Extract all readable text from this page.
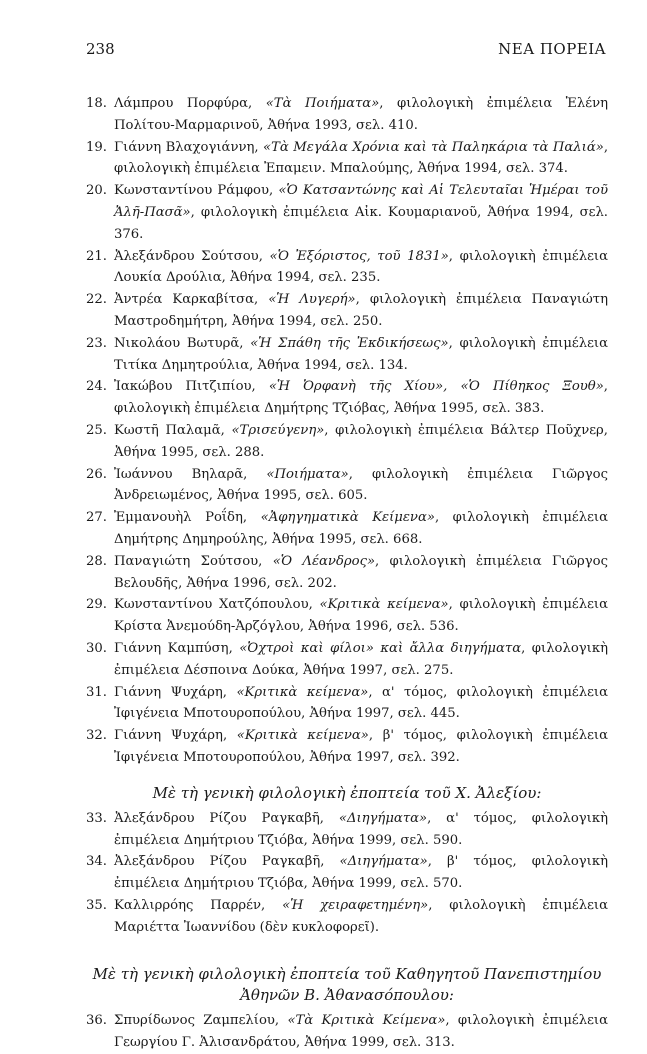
238	ΝΕΑ ΠΟΡΕΙΑ
18. Λάμπρου Πορφύρα, «Τὰ Ποιήματα», φιλολογικὴ ἐπιμέλεια Ἑλένη Πολίτου-Μαρμαρινοῦ, Ἀθήνα 1993, σελ. 410.
19. Γιάννη Βλαχογιάννη, «Τὰ Μεγάλα Χρόνια καὶ τὰ Παληκάρια τὰ Παλιά», φιλολογικὴ ἐπιμέλεια Ἐπαμειν. Μπαλούμης, Ἀθήνα 1994, σελ. 374.
20. Κωνσταντίνου Ράμφου, «Ὁ Κατσαντώνης καὶ Αἱ Τελευταῖαι Ἡμέραι τοῦ Ἀλῆ-Πασᾶ», φιλολογικὴ ἐπιμέλεια Αἰκ. Κουμαριανοῦ, Ἀθήνα 1994, σελ. 376.
21. Ἀλεξάνδρου Σούτσου, «Ὁ Ἐξόριστος, τοῦ 1831», φιλολογικὴ ἐπιμέλεια Λουκία Δρούλια, Ἀθήνα 1994, σελ. 235.
22. Ἀντρέα Καρκαβίτσα, «Ἡ Λυγερή», φιλολογικὴ ἐπιμέλεια Παναγιώτη Μαστροδημήτρη, Ἀθήνα 1994, σελ. 250.
23. Νικολάου Βωτυρᾶ, «Ἡ Σπάθη τῆς Ἐκδικήσεως», φιλολογικὴ ἐπιμέλεια Τιτίκα Δημητρούλια, Ἀθήνα 1994, σελ. 134.
24. Ἰακώβου Πιτζιπίου, «Ἡ Ὀρφανὴ τῆς Χίου», «Ὁ Πίθηκος Ξουθ», φιλολογικὴ ἐπιμέλεια Δημήτρης Τζιόβας, Ἀθήνα 1995, σελ. 383.
25. Κωστῆ Παλαμᾶ, «Τρισεύγενη», φιλολογικὴ ἐπιμέλεια Βάλτερ Ποῦχνερ, Ἀθήνα 1995, σελ. 288.
26. Ἰωάννου Βηλαρᾶ, «Ποιήματα», φιλολογικὴ ἐπιμέλεια Γιῶργος Ἀνδρειωμένος, Ἀθήνα 1995, σελ. 605.
27. Ἐμμανουὴλ Ροΐδη, «Ἀφηγηματικὰ Κείμενα», φιλολογικὴ ἐπιμέλεια Δημήτρης Δημηρούλης, Ἀθήνα 1995, σελ. 668.
28. Παναγιώτη Σούτσου, «Ὁ Λέανδρος», φιλολογικὴ ἐπιμέλεια Γιῶργος Βελουδῆς, Ἀθήνα 1996, σελ. 202.
29. Κωνσταντίνου Χατζόπουλου, «Κριτικὰ κείμενα», φιλολογικὴ ἐπιμέλεια Κρίστα Ἀνεμούδη-Ἀρζόγλου, Ἀθήνα 1996, σελ. 536.
30. Γιάννη Καμπύση, «Ὀχτροὶ καὶ φίλοι» καὶ ἄλλα διηγήματα, φιλολογικὴ ἐπιμέλεια Δέσποινα Δούκα, Ἀθήνα 1997, σελ. 275.
31. Γιάννη Ψυχάρη, «Κριτικὰ κείμενα», α' τόμος, φιλολογικὴ ἐπιμέλεια Ἰφιγένεια Μποτουροπούλου, Ἀθήνα 1997, σελ. 445.
32. Γιάννη Ψυχάρη, «Κριτικὰ κείμενα», β' τόμος, φιλολογικὴ ἐπιμέλεια Ἰφιγένεια Μποτουροπούλου, Ἀθήνα 1997, σελ. 392.
Μὲ τὴ γενικὴ φιλολογικὴ ἐποπτεία τοῦ Χ. Ἀλεξίου:
33. Ἀλεξάνδρου Ρίζου Ραγκαβῆ, «Διηγήματα», α' τόμος, φιλολογικὴ ἐπιμέλεια Δημήτριου Τζιόβα, Ἀθήνα 1999, σελ. 590.
34. Ἀλεξάνδρου Ρίζου Ραγκαβῆ, «Διηγήματα», β' τόμος, φιλολογικὴ ἐπιμέλεια Δημήτριου Τζιόβα, Ἀθήνα 1999, σελ. 570.
35. Καλλιρρόης Παρρέν, «Ἡ χειραφετημένη», φιλολογικὴ ἐπιμέλεια Μαριέττα Ἰωαννίδου (δὲν κυκλοφορεῖ).
Μὲ τὴ γενικὴ φιλολογικὴ ἐποπτεία τοῦ Καθηγητοῦ Πανεπιστημίου
Ἀθηνῶν Β. Ἀθανασόπουλου:
36. Σπυρίδωνος Ζαμπελίου, «Τὰ Κριτικὰ Κείμενα», φιλολογικὴ ἐπιμέλεια Γεωργίου Γ. Ἀλισανδράτου, Ἀθήνα 1999, σελ. 313.
